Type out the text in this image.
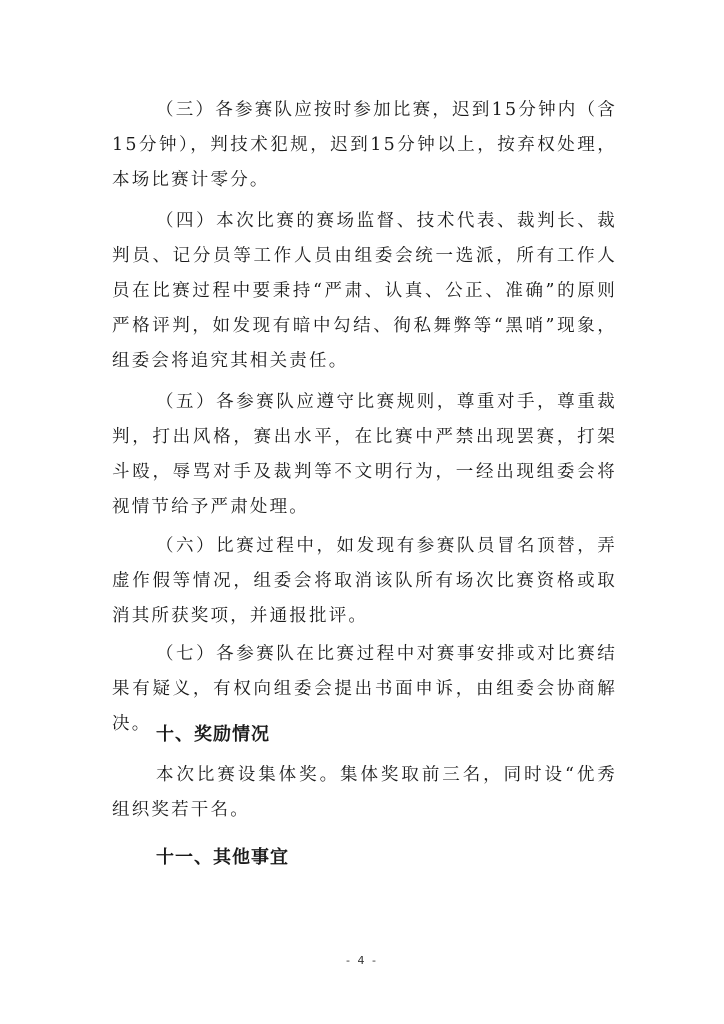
（三）各参赛队应按时参加比赛，迟到15分钟内（含15分钟），判技术犯规，迟到15分钟以上，按弃权处理，本场比赛计零分。

（四）本次比赛的赛场监督、技术代表、裁判长、裁判员、记分员等工作人员由组委会统一选派，所有工作人员在比赛过程中要秉持“严肃、认真、公正、准确”的原则严格评判，如发现有暗中勾结、徇私舞弊等“黑哨”现象，组委会将追究其相关责任。

（五）各参赛队应遵守比赛规则，尊重对手，尊重裁判，打出风格，赛出水平，在比赛中严禁出现罢赛，打架斗殴，辱骂对手及裁判等不文明行为，一经出现组委会将视情节给予严肃处理。

（六）比赛过程中，如发现有参赛队员冒名顶替，弄虚作假等情况，组委会将取消该队所有场次比赛资格或取消其所获奖项，并通报批评。

（七）各参赛队在比赛过程中对赛事安排或对比赛结果有疑义，有权向组委会提出书面申诉，由组委会协商解决。 十、奖励情况

本次比赛设集体奖。集体奖取前三名，同时设“优秀组织奖若干名。

十一、其他事宜
- 4 -
